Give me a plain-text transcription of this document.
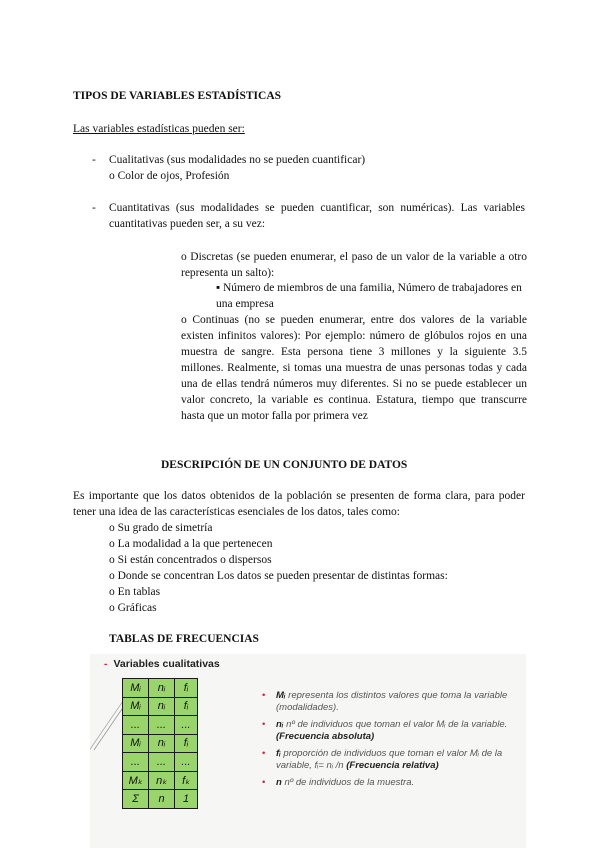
TIPOS DE VARIABLES ESTADÍSTICAS
Las variables estadísticas pueden ser:
- Cualitativas (sus modalidades no se pueden cuantificar)
o Color de ojos, Profesión
- Cuantitativas (sus modalidades se pueden cuantificar, son numéricas). Las variables cuantitativas pueden ser, a su vez:
o Discretas (se pueden enumerar, el paso de un valor de la variable a otro representa un salto):
▪ Número de miembros de una familia, Número de trabajadores en una empresa
o Continuas (no se pueden enumerar, entre dos valores de la variable existen infinitos valores): Por ejemplo: número de glóbulos rojos en una muestra de sangre. Esta persona tiene 3 millones y la siguiente 3.5 millones. Realmente, si tomas una muestra de unas personas todas y cada una de ellas tendrá números muy diferentes. Si no se puede establecer un valor concreto, la variable es continua. Estatura, tiempo que transcurre hasta que un motor falla por primera vez
DESCRIPCIÓN DE UN CONJUNTO DE DATOS
Es importante que los datos obtenidos de la población se presenten de forma clara, para poder tener una idea de las características esenciales de los datos, tales como:
o Su grado de simetría
o La modalidad a la que pertenecen
o Si están concentrados o dispersos
o Donde se concentran Los datos se pueden presentar de distintas formas:
o En tablas
o Gráficas
TABLAS DE FRECUENCIAS
- Variables cualitativas
Mᵢ	nᵢ	fᵢ
Mᵢ	nᵢ	fᵢ
...	...	...
Mᵢ	nᵢ	fᵢ
...	...	...
Mₖ	nₖ	fₖ
Σ	n	1
• Mᵢ representa los distintos valores que toma la variable (modalidades).
• nᵢ nº de individuos que toman el valor Mᵢ de la variable. (Frecuencia absoluta)
• fᵢ proporción de individuos que toman el valor Mᵢ de la variable, fᵢ= nᵢ /n (Frecuencia relativa)
• n nº de individuos de la muestra.
